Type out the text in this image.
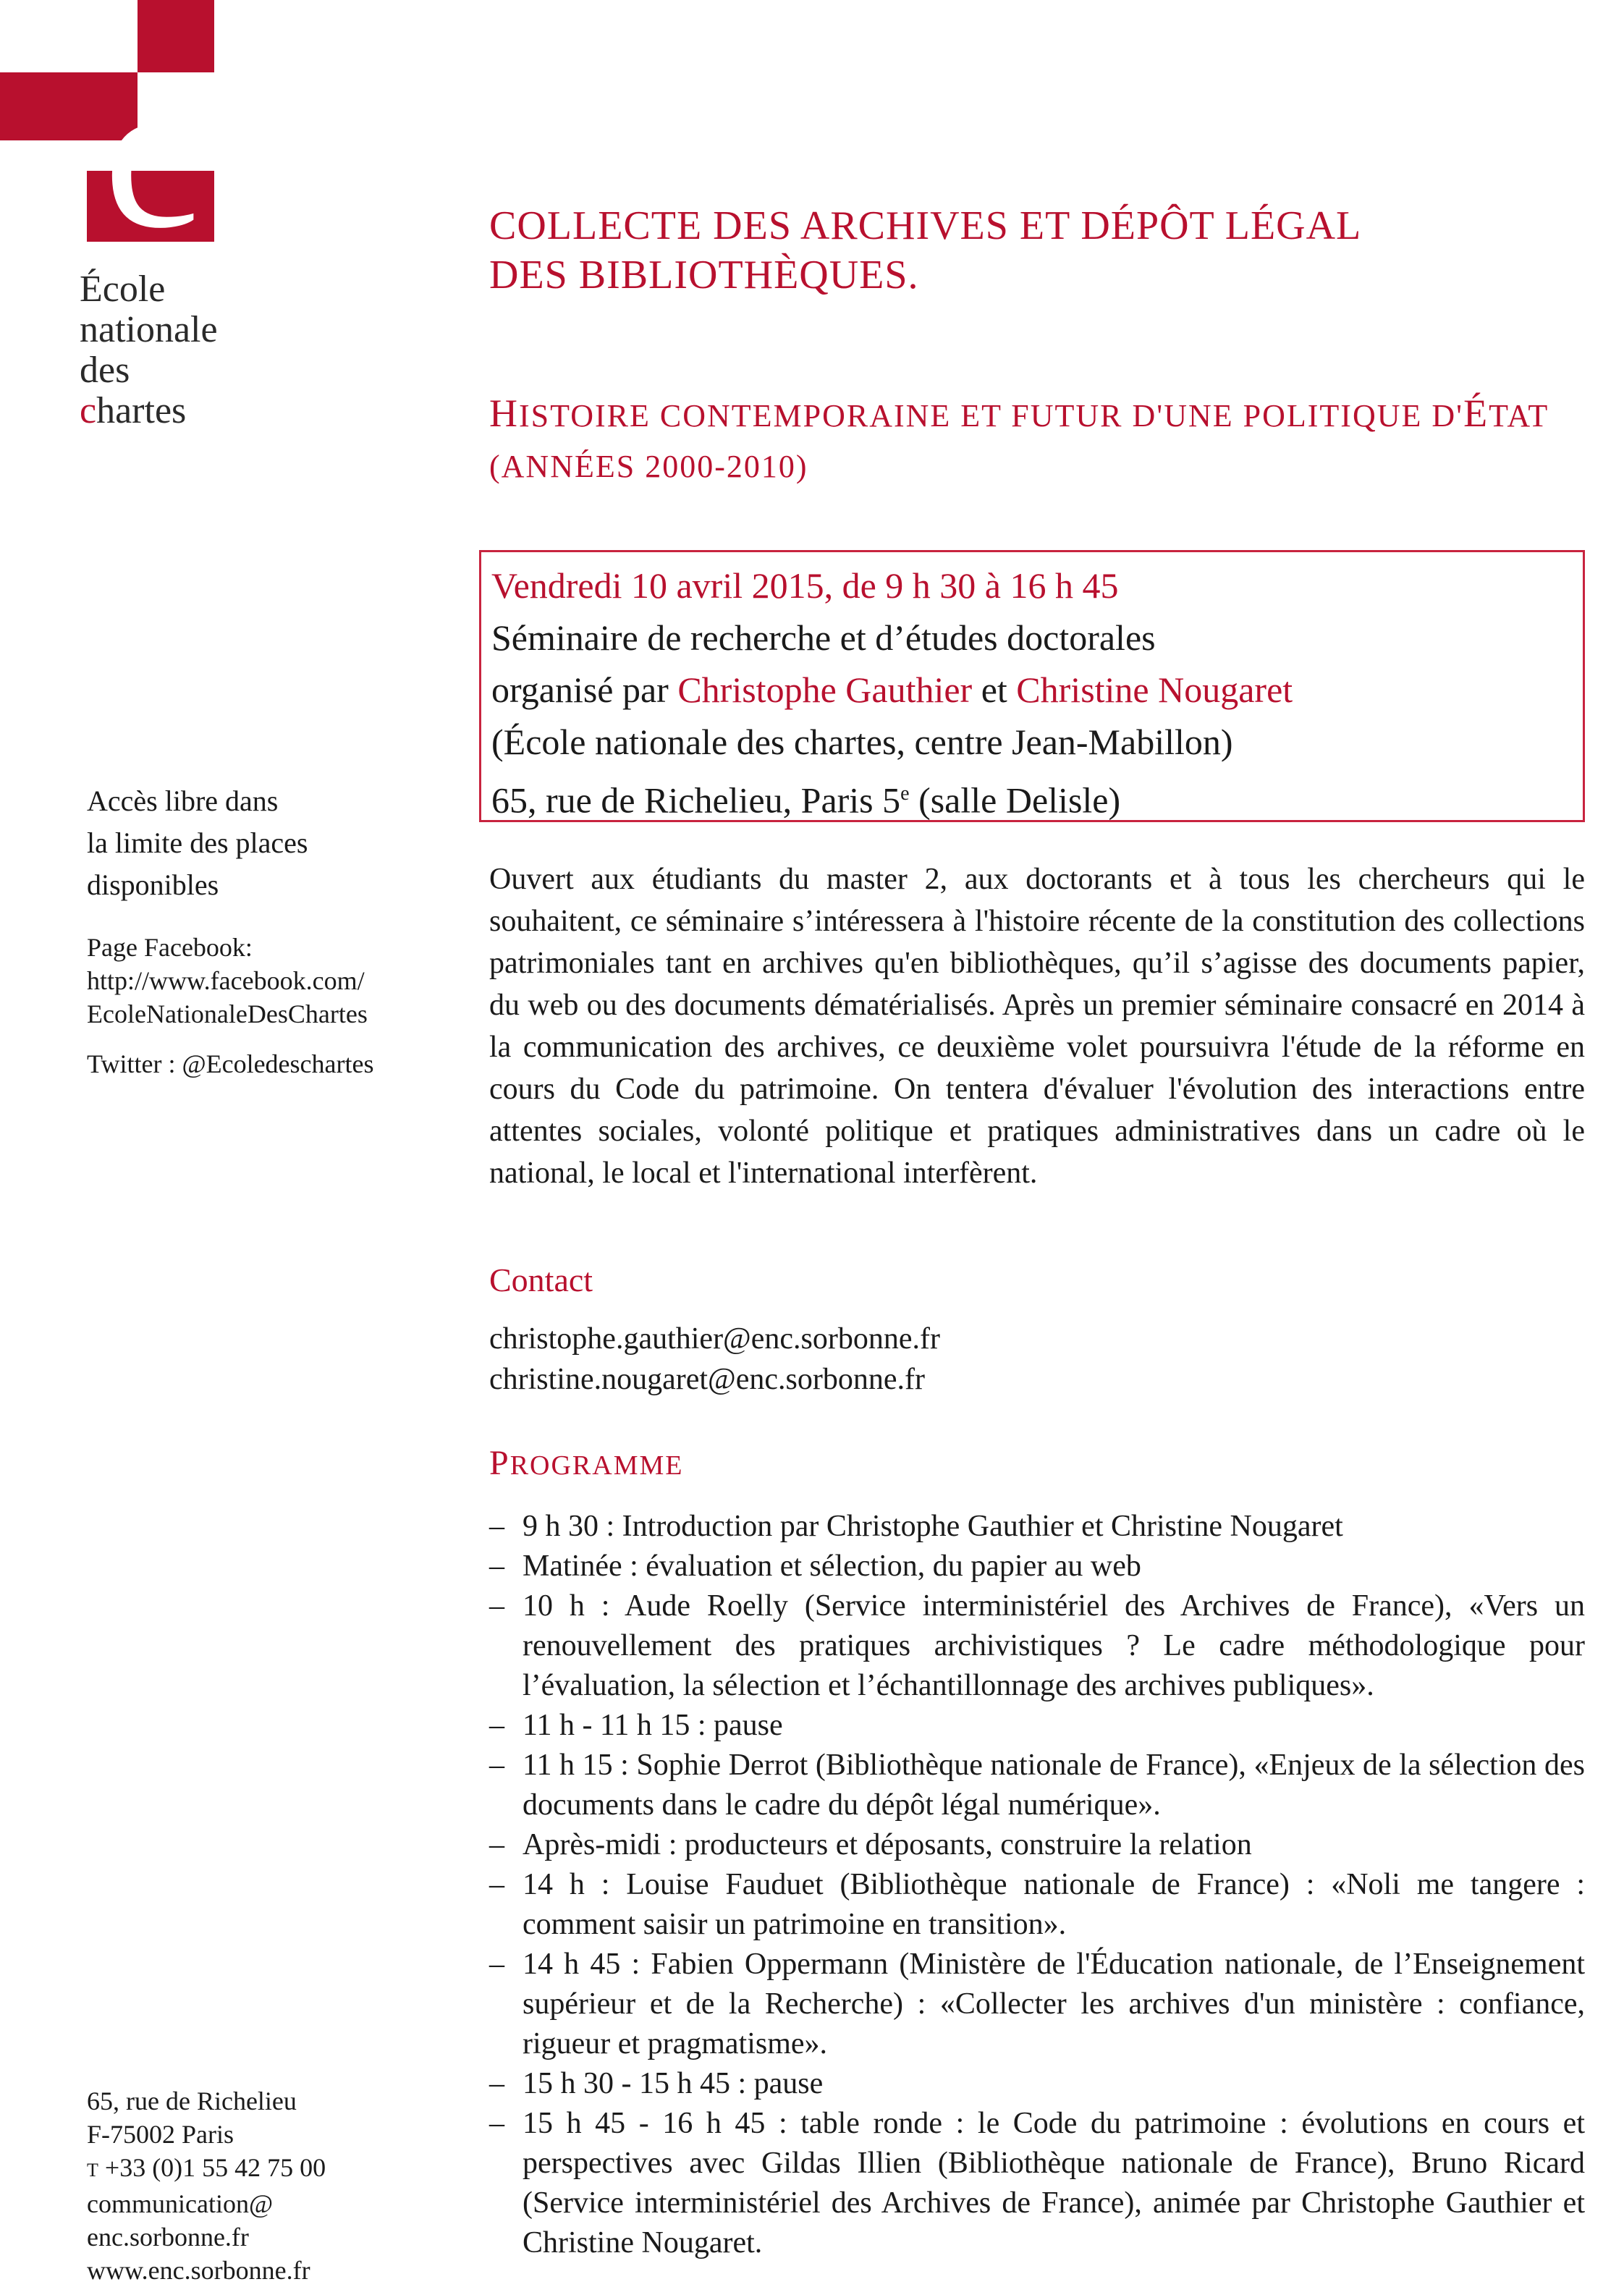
c
École
nationale
des
chartes
COLLECTE DES ARCHIVES ET DÉPÔT LÉGAL
DES BIBLIOTHÈQUES.
HISTOIRE CONTEMPORAINE ET FUTUR D'UNE POLITIQUE D'ÉTAT
(ANNÉES 2000-2010)
Vendredi 10 avril 2015, de 9 h 30 à 16 h 45
Séminaire de recherche et d’études doctorales
organisé par Christophe Gauthier et Christine Nougaret
(École nationale des chartes, centre Jean-Mabillon)
65, rue de Richelieu, Paris 5e (salle Delisle)
Accès libre dans
la limite des places
disponibles
Page Facebook:
http://www.facebook.com/
EcoleNationaleDesChartes
Twitter : @Ecoledeschartes
65, rue de Richelieu
F-75002 Paris
T +33 (0)1 55 42 75 00
communication@
enc.sorbonne.fr
www.enc.sorbonne.fr
Ouvert aux étudiants du master 2, aux doctorants et à tous les chercheurs qui le souhaitent, ce séminaire s’intéressera à l'histoire récente de la constitution des collections patrimoniales tant en archives qu'en bibliothèques, qu’il s’agisse des documents papier, du web ou des documents dématérialisés. Après un premier séminaire consacré en 2014 à la communication des archives, ce deuxième volet poursuivra l'étude de la réforme en cours du Code du patrimoine. On tentera d'évaluer l'évolution des interactions entre attentes sociales, volonté politique et pratiques administratives dans un cadre où le national, le local et l'international interfèrent.
Contact
christophe.gauthier@enc.sorbonne.fr
christine.nougaret@enc.sorbonne.fr
PROGRAMME
– 9 h 30 : Introduction par Christophe Gauthier et Christine Nougaret
– Matinée : évaluation et sélection, du papier au web
– 10 h : Aude Roelly (Service interministériel des Archives de France), «Vers un renouvellement des pratiques archivistiques ? Le cadre méthodologique pour l’évaluation, la sélection et l’échantillonnage des archives publiques».
– 11 h - 11 h 15 : pause
– 11 h 15 : Sophie Derrot (Bibliothèque nationale de France), «Enjeux de la sélection des documents dans le cadre du dépôt légal numérique».
– Après-midi : producteurs et déposants, construire la relation
– 14 h : Louise Fauduet (Bibliothèque nationale de France) : «Noli me tangere : comment saisir un patrimoine en transition».
– 14 h 45 : Fabien Oppermann (Ministère de l'Éducation nationale, de l’Enseignement supérieur et de la Recherche) : «Collecter les archives d'un ministère : confiance, rigueur et pragmatisme».
– 15 h 30 - 15 h 45 : pause
– 15 h 45 - 16 h 45 : table ronde : le Code du patrimoine : évolutions en cours et perspectives avec Gildas Illien (Bibliothèque nationale de France), Bruno Ricard (Service interministériel des Archives de France), animée par Christophe Gauthier et Christine Nougaret.
